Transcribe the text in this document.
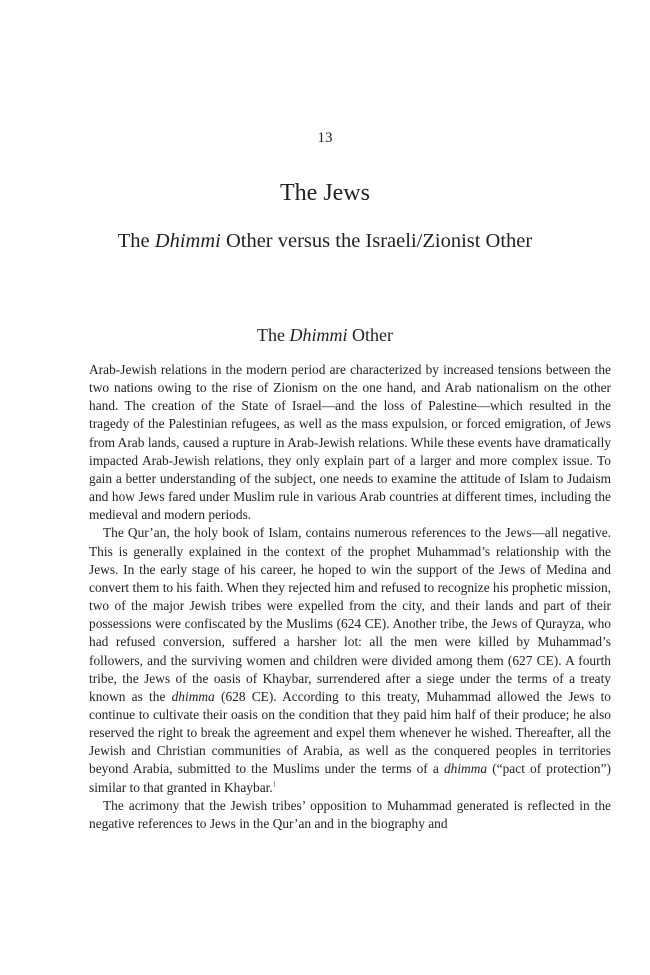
13
The Jews
The Dhimmi Other versus the Israeli/Zionist Other
The Dhimmi Other

Arab-Jewish relations in the modern period are characterized by increased tensions between the two nations owing to the rise of Zionism on the one hand, and Arab nationalism on the other hand. The creation of the State of Israel—and the loss of Palestine—which resulted in the tragedy of the Palestinian refugees, as well as the mass expulsion, or forced emigration, of Jews from Arab lands, caused a rupture in Arab-Jewish relations. While these events have dramatically impacted Arab-Jewish relations, they only explain part of a larger and more complex issue. To gain a better understanding of the subject, one needs to examine the attitude of Islam to Judaism and how Jews fared under Muslim rule in various Arab countries at different times, including the medieval and modern periods.

The Qur’an, the holy book of Islam, contains numerous references to the Jews—all negative. This is generally explained in the context of the prophet Muhammad’s relationship with the Jews. In the early stage of his career, he hoped to win the support of the Jews of Medina and convert them to his faith. When they rejected him and refused to recognize his prophetic mission, two of the major Jewish tribes were expelled from the city, and their lands and part of their possessions were confiscated by the Muslims (624 CE). Another tribe, the Jews of Qurayza, who had refused conversion, suffered a harsher lot: all the men were killed by Muhammad’s followers, and the surviving women and children were divided among them (627 CE). A fourth tribe, the Jews of the oasis of Khaybar, surrendered after a siege under the terms of a treaty known as the dhimma (628 CE). According to this treaty, Muhammad allowed the Jews to continue to cultivate their oasis on the condition that they paid him half of their produce; he also reserved the right to break the agreement and expel them whenever he wished. Thereafter, all the Jewish and Christian communities of Arabia, as well as the conquered peoples in territories beyond Arabia, submitted to the Muslims under the terms of a dhimma (“pact of protection”) similar to that granted in Khaybar.$^1$

The acrimony that the Jewish tribes’ opposition to Muhammad generated is reflected in the negative references to Jews in the Qur’an and in the biography and
